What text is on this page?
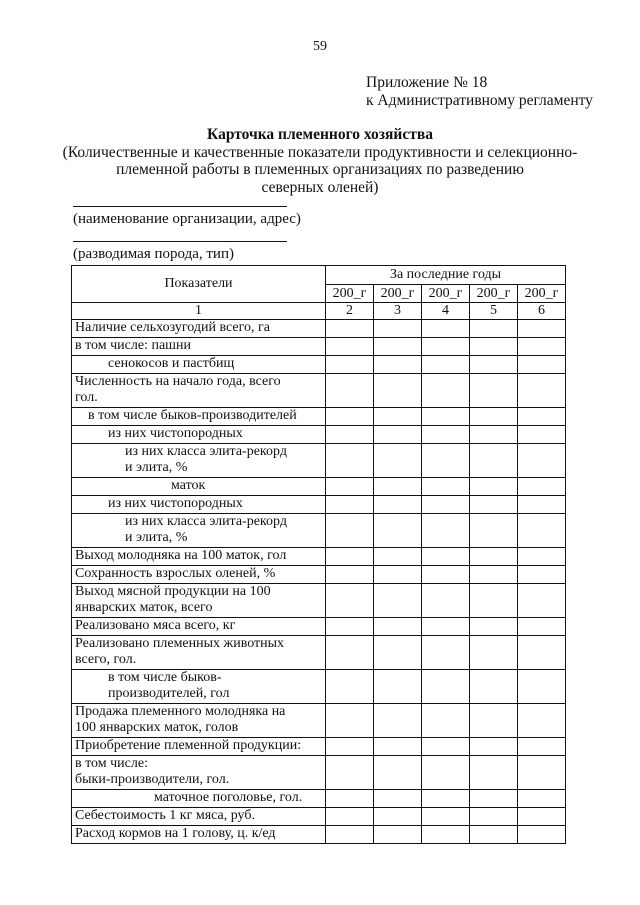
59
Приложение № 18
к Административному регламенту
Карточка племенного хозяйства
(Количественные и качественные показатели продуктивности и селекционно-
племенной работы в племенных организациях по разведению
северных оленей)
(наименование организации, адрес)
(разводимая порода, тип)
Показатели	За последние годы				
	200_г	200_г	200_г	200_г	200_г
1	2	3	4	5	6

Наличие сельхозугодий всего, га					

в том числе: пашни					

сенокосов и пастбищ					

Численность на начало года, всего
гол.					

в том числе быков-производителей					

из них чистопородных					

из них класса элита-рекорд
и элита, %					

маток					

из них чистопородных					

из них класса элита-рекорд
и элита, %					

Выход молодняка на 100 маток, гол					

Сохранность взрослых оленей, %					

Выход мясной продукции на 100
январских маток, всего					

Реализовано мяса всего, кг					

Реализовано племенных животных
всего, гол.					

в том числе быков-
производителей, гол					

Продажа племенного молодняка на
100 январских маток, голов					

Приобретение племенной продукции:					

в том числе:
быки-производители, гол.					

маточное поголовье, гол.					

Себестоимость 1 кг мяса, руб.					

Расход кормов на 1 голову, ц. к/ед					
